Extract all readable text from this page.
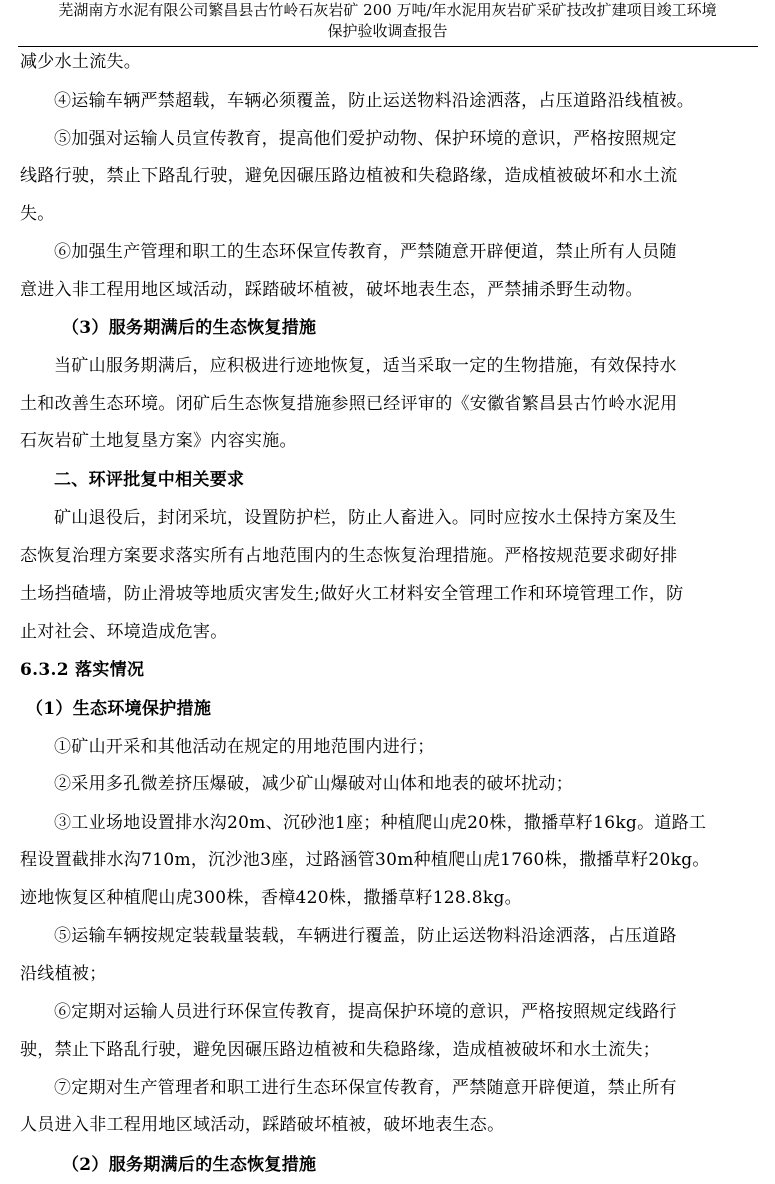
芜湖南方水泥有限公司繁昌县古竹岭石灰岩矿 200 万吨/年水泥用灰岩矿采矿技改扩建项目竣工环境
保护验收调查报告
减少水土流失。
④运输车辆严禁超载，车辆必须覆盖，防止运送物料沿途洒落，占压道路沿线植被。
⑤加强对运输人员宣传教育，提高他们爱护动物、保护环境的意识，严格按照规定
线路行驶，禁止下路乱行驶，避免因碾压路边植被和失稳路缘，造成植被破坏和水土流
失。
⑥加强生产管理和职工的生态环保宣传教育，严禁随意开辟便道，禁止所有人员随
意进入非工程用地区域活动，踩踏破坏植被，破坏地表生态，严禁捕杀野生动物。
（3）服务期满后的生态恢复措施
当矿山服务期满后，应积极进行迹地恢复，适当采取一定的生物措施，有效保持水
土和改善生态环境。闭矿后生态恢复措施参照已经评审的《安徽省繁昌县古竹岭水泥用
石灰岩矿土地复垦方案》内容实施。
二、环评批复中相关要求
矿山退役后，封闭采坑，设置防护栏，防止人畜进入。同时应按水土保持方案及生
态恢复治理方案要求落实所有占地范围内的生态恢复治理措施。严格按规范要求砌好排
土场挡碴墙，防止滑坡等地质灾害发生;做好火工材料安全管理工作和环境管理工作，防
止对社会、环境造成危害。
6.3.2 落实情况
（1）生态环境保护措施
①矿山开采和其他活动在规定的用地范围内进行；
②采用多孔微差挤压爆破，减少矿山爆破对山体和地表的破坏扰动；
③工业场地设置排水沟20m、沉砂池1座；种植爬山虎20株，撒播草籽16kg。道路工
程设置截排水沟710m，沉沙池3座，过路涵管30m种植爬山虎1760株，撒播草籽20kg。
迹地恢复区种植爬山虎300株，香樟420株，撒播草籽128.8kg。
⑤运输车辆按规定装载量装载，车辆进行覆盖，防止运送物料沿途洒落，占压道路
沿线植被；
⑥定期对运输人员进行环保宣传教育，提高保护环境的意识，严格按照规定线路行
驶，禁止下路乱行驶，避免因碾压路边植被和失稳路缘，造成植被破坏和水土流失；
⑦定期对生产管理者和职工进行生态环保宣传教育，严禁随意开辟便道，禁止所有
人员进入非工程用地区域活动，踩踏破坏植被，破坏地表生态。
（2）服务期满后的生态恢复措施
